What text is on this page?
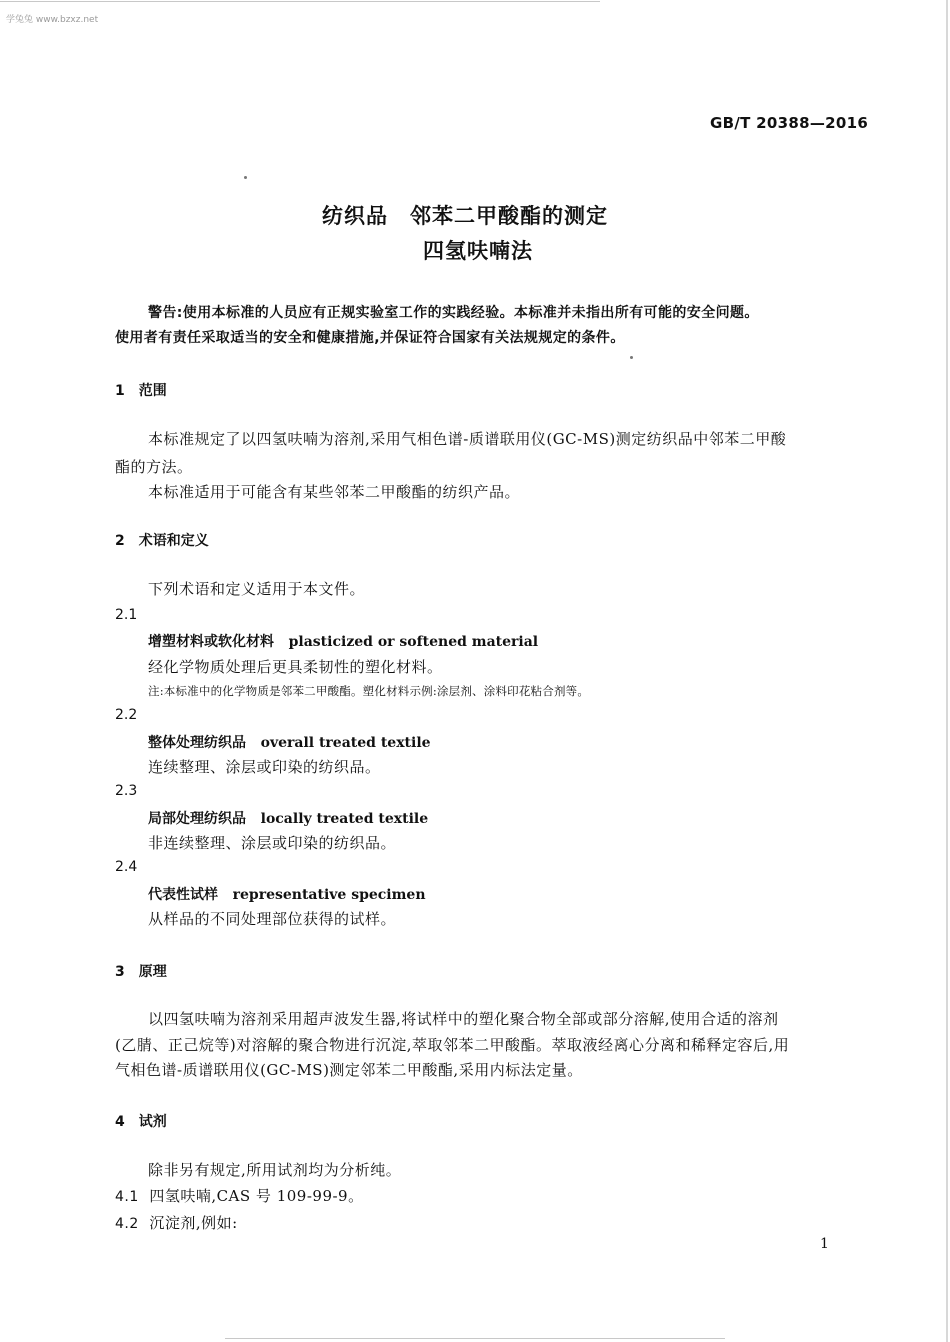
学兔兔 www.bzxz.net
GB/T 20388—2016
纺织品　邻苯二甲酸酯的测定
四氢呋喃法
警告:使用本标准的人员应有正规实验室工作的实践经验。本标准并未指出所有可能的安全问题。
使用者有责任采取适当的安全和健康措施,并保证符合国家有关法规规定的条件。
1　范围
本标准规定了以四氢呋喃为溶剂,采用气相色谱-质谱联用仪(GC-MS)测定纺织品中邻苯二甲酸
酯的方法。
本标准适用于可能含有某些邻苯二甲酸酯的纺织产品。
2　术语和定义
下列术语和定义适用于本文件。
2.1
增塑材料或软化材料 plasticized or softened material
经化学物质处理后更具柔韧性的塑化材料。
注:本标准中的化学物质是邻苯二甲酸酯。塑化材料示例:涂层剂、涂料印花粘合剂等。
2.2
整体处理纺织品 overall treated textile
连续整理、涂层或印染的纺织品。
2.3
局部处理纺织品 locally treated textile
非连续整理、涂层或印染的纺织品。
2.4
代表性试样 representative specimen
从样品的不同处理部位获得的试样。
3　原理
以四氢呋喃为溶剂采用超声波发生器,将试样中的塑化聚合物全部或部分溶解,使用合适的溶剂
(乙腈、正己烷等)对溶解的聚合物进行沉淀,萃取邻苯二甲酸酯。萃取液经离心分离和稀释定容后,用
气相色谱-质谱联用仪(GC-MS)测定邻苯二甲酸酯,采用内标法定量。
4　试剂
除非另有规定,所用试剂均为分析纯。
4.1 四氢呋喃,CAS 号 109-99-9。
4.2 沉淀剂,例如:
1
